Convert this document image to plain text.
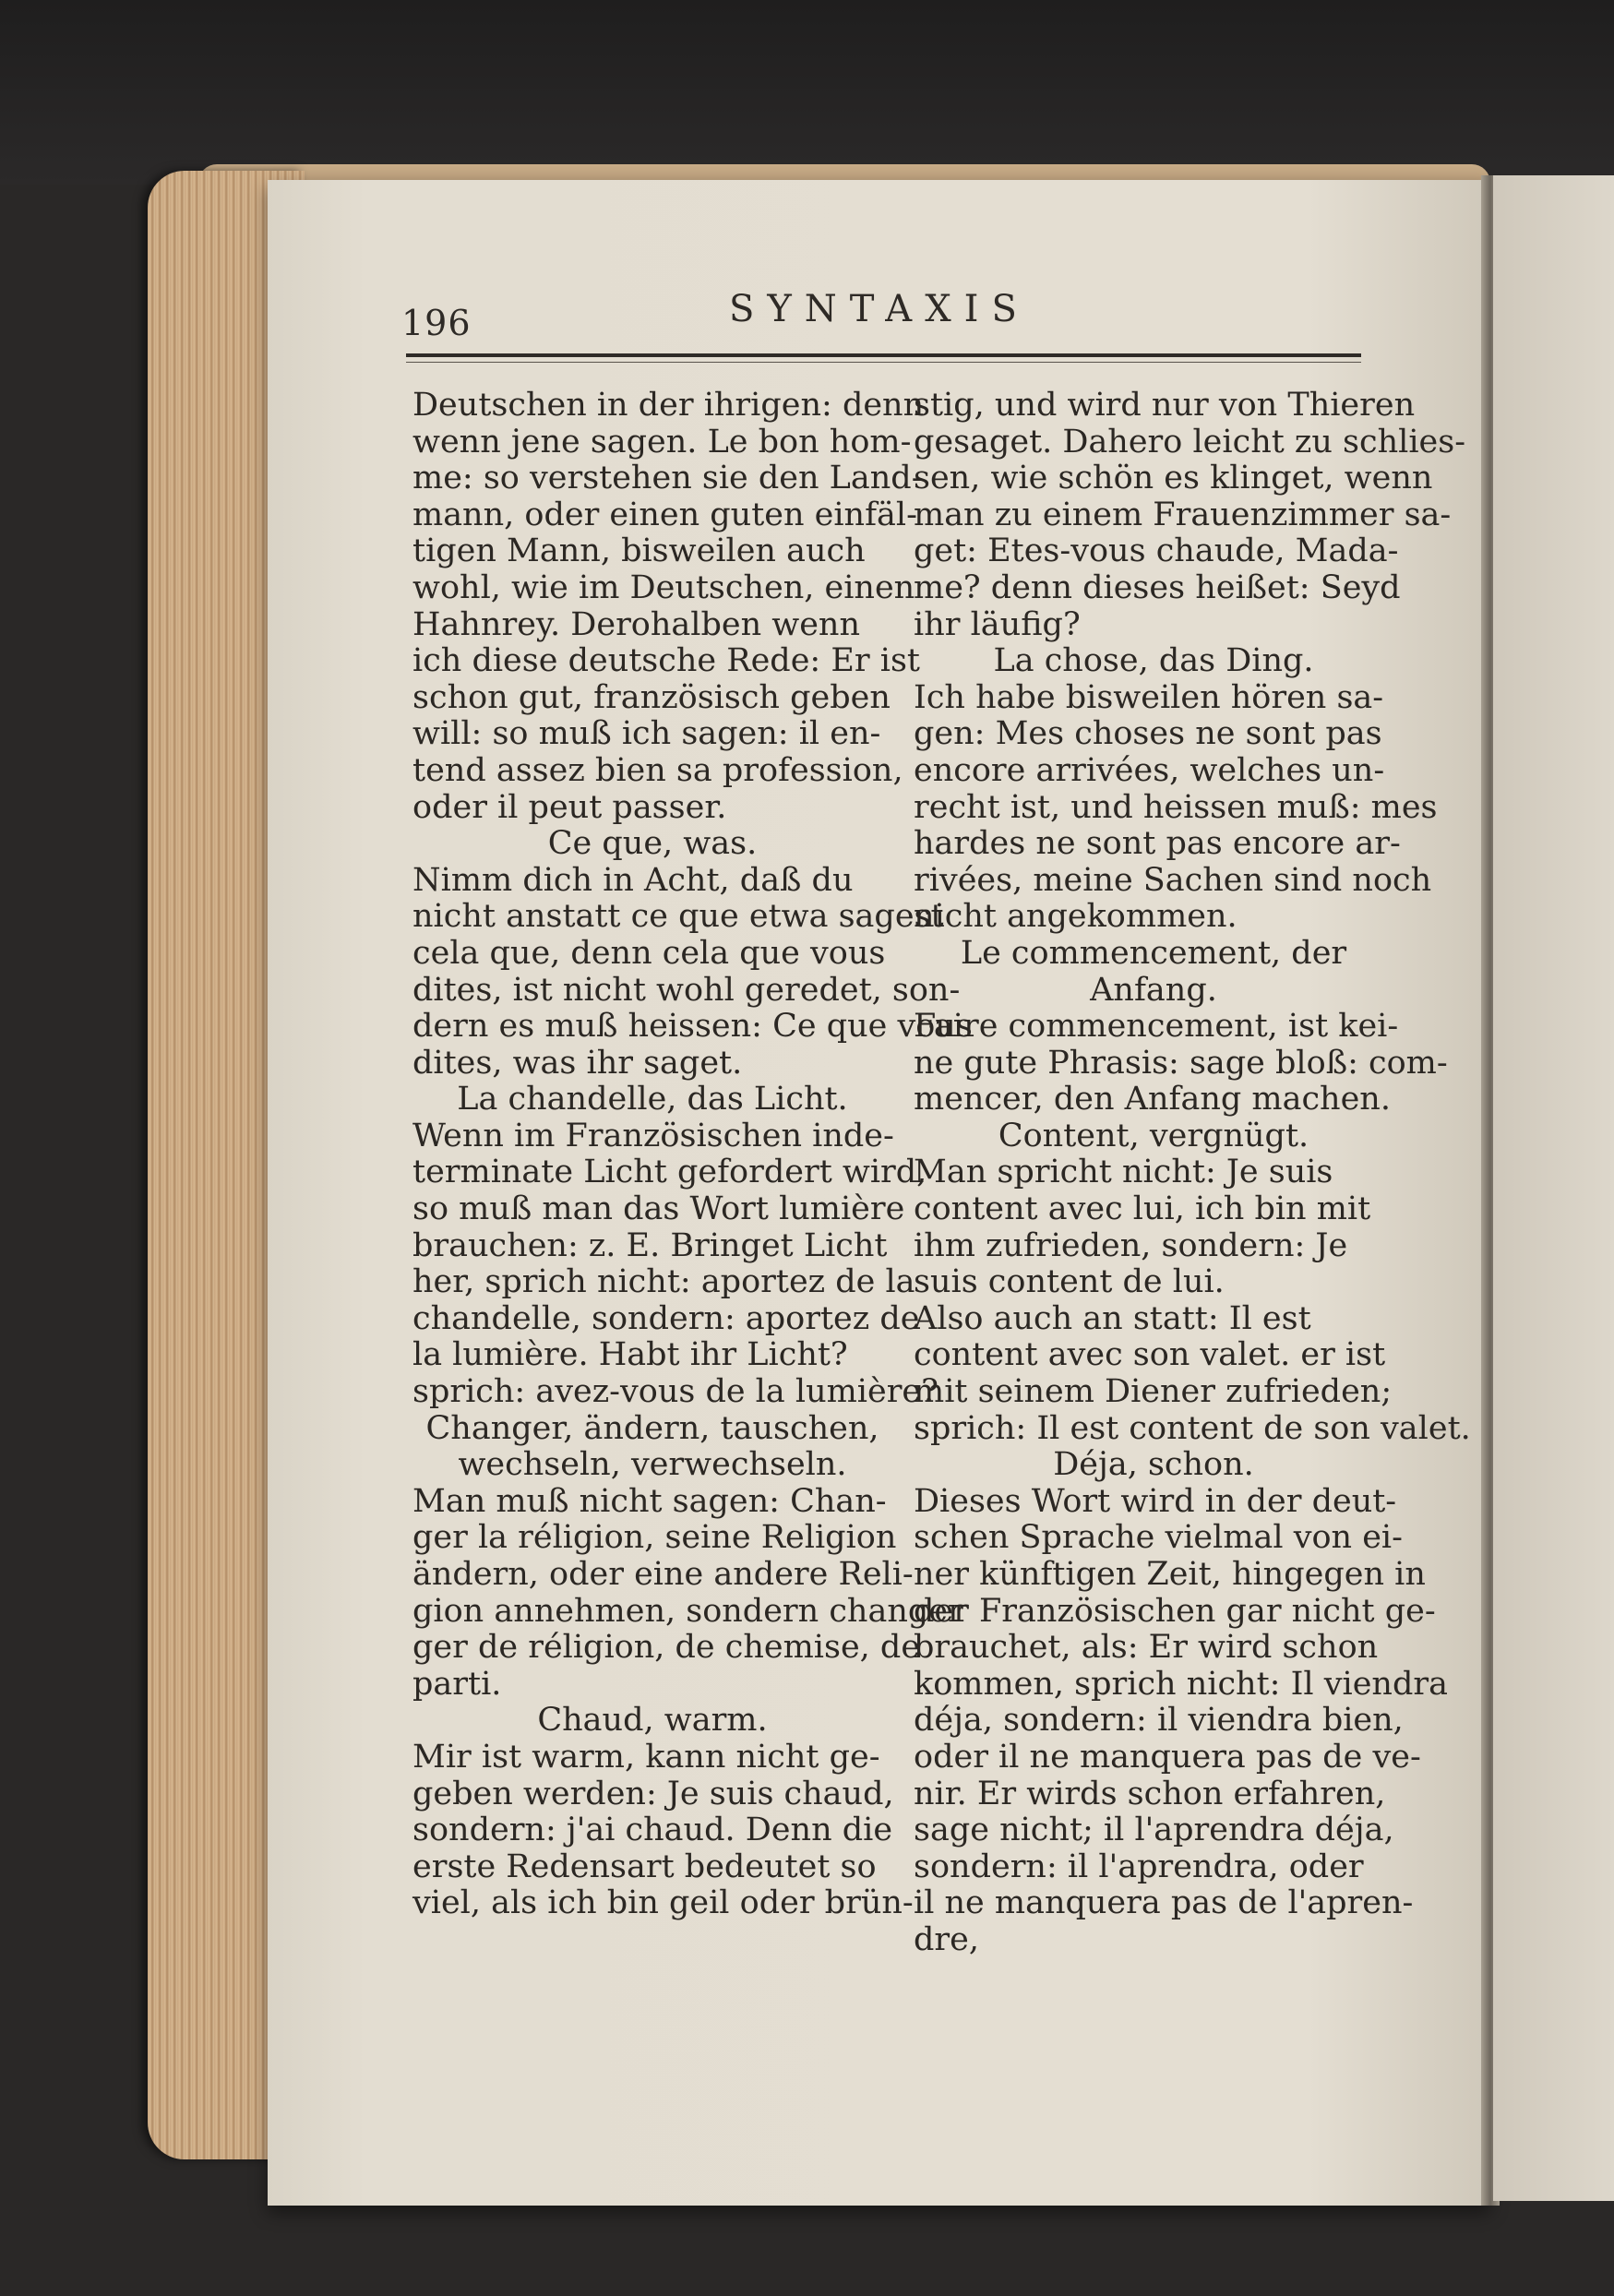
196	SYNTAXIS

Deutschen in der ihrigen: denn

wenn jene sagen. Le bon hom-

me: so verstehen sie den Land-

mann, oder einen guten einfäl-

tigen Mann, bisweilen auch

wohl, wie im Deutschen, einen

Hahnrey. Derohalben wenn

ich diese deutsche Rede: Er ist

schon gut, französisch geben

will: so muß ich sagen: il en-

tend assez bien sa profession,

oder il peut passer.

Ce que, was.

Nimm dich in Acht, daß du

nicht anstatt ce que etwa sagest

cela que, denn cela que vous

dites, ist nicht wohl geredet, son-

dern es muß heissen: Ce que vous

dites, was ihr saget.

La chandelle, das Licht.

Wenn im Französischen inde-

terminate Licht gefordert wird,

so muß man das Wort lumière

brauchen: z. E. Bringet Licht

her, sprich nicht: aportez de la

chandelle, sondern: aportez de

la lumière. Habt ihr Licht?

sprich: avez-vous de la lumière?

Changer, ändern, tauschen,

wechseln, verwechseln.

Man muß nicht sagen: Chan-

ger la réligion, seine Religion

ändern, oder eine andere Reli-

gion annehmen, sondern changer

ger de réligion, de chemise, de

parti.

Chaud, warm.

Mir ist warm, kann nicht ge-

geben werden: Je suis chaud,

sondern: j'ai chaud. Denn die

erste Redensart bedeutet so

viel, als ich bin geil oder brün-

stig, und wird nur von Thieren

gesaget. Dahero leicht zu schlies-

sen, wie schön es klinget, wenn

man zu einem Frauenzimmer sa-

get: Etes-vous chaude, Mada-

me? denn dieses heißet: Seyd

ihr läufig?

La chose, das Ding.

Ich habe bisweilen hören sa-

gen: Mes choses ne sont pas

encore arrivées, welches un-

recht ist, und heissen muß: mes

hardes ne sont pas encore ar-

rivées, meine Sachen sind noch

nicht angekommen.

Le commencement, der

Anfang.

Faire commencement, ist kei-

ne gute Phrasis: sage bloß: com-

mencer, den Anfang machen.

Content, vergnügt.

Man spricht nicht: Je suis

content avec lui, ich bin mit

ihm zufrieden, sondern: Je

suis content de lui.

Also auch an statt: Il est

content avec son valet. er ist

mit seinem Diener zufrieden;

sprich: Il est content de son valet.

Déja, schon.

Dieses Wort wird in der deut-

schen Sprache vielmal von ei-

ner künftigen Zeit, hingegen in

der Französischen gar nicht ge-

brauchet, als: Er wird schon

kommen, sprich nicht: Il viendra

déja, sondern: il viendra bien,

oder il ne manquera pas de ve-

nir. Er wirds schon erfahren,

sage nicht; il l'aprendra déja,

sondern: il l'aprendra, oder

il ne manquera pas de l'apren-

dre,
